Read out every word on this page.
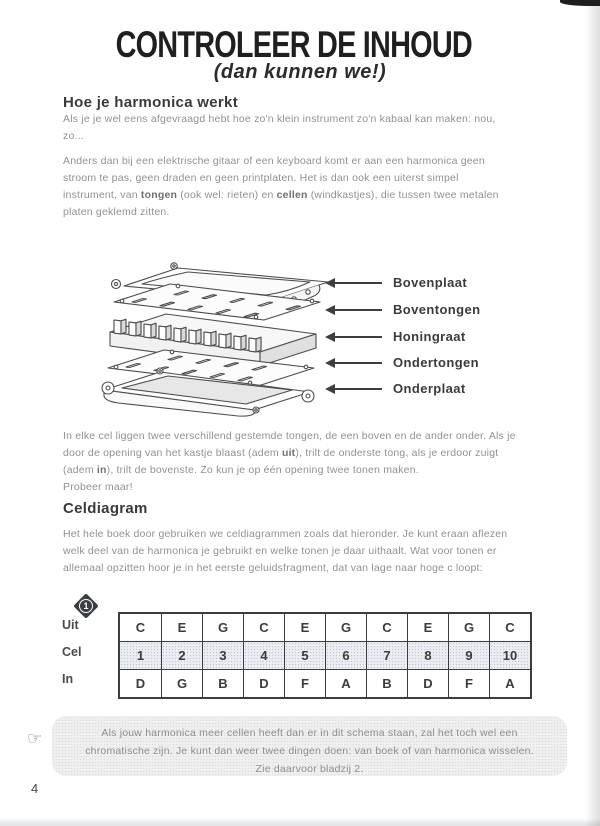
CONTROLEER DE INHOUD
(dan kunnen we!)
Hoe je harmonica werkt
Als je je wel eens afgevraagd hebt hoe zo'n klein instrument zo'n kabaal kan maken: nou,
zo...
Anders dan bij een elektrische gitaar of een keyboard komt er aan een harmonica geen
stroom te pas, geen draden en geen printplaten. Het is dan ook een uiterst simpel
instrument, van tongen (ook wel: rieten) en cellen (windkastjes), die tussen twee metalen
platen geklemd zitten.
Bovenplaat
Boventongen
Honingraat
Ondertongen
Onderplaat
In elke cel liggen twee verschillend gestemde tongen, de een boven en de ander onder. Als je
door de opening van het kastje blaast (adem uit), trilt de onderste tong, als je erdoor zuigt
(adem in), trilt de bovenste. Zo kun je op één opening twee tonen maken.
Probeer maar!
Celdiagram
Het hele boek door gebruiken we celdiagrammen zoals dat hieronder. Je kunt eraan aflezen
welk deel van de harmonica je gebruikt en welke tonen je daar uithaalt. Wat voor tonen er
allemaal opzitten hoor je in het eerste geluidsfragment, dat van lage naar hoge c loopt:
1
Uit
Cel
In
C	E	G	C	E	G	C	E	G	C
1	2	3	4	5	6	7	8	9	10
D	G	B	D	F	A	B	D	F	A
☞	Als jouw harmonica meer cellen heeft dan er in dit schema staan, zal het toch wel een
chromatische zijn. Je kunt dan weer twee dingen doen: van boek of van harmonica wisselen.
Zie daarvoor bladzij 2.
4
